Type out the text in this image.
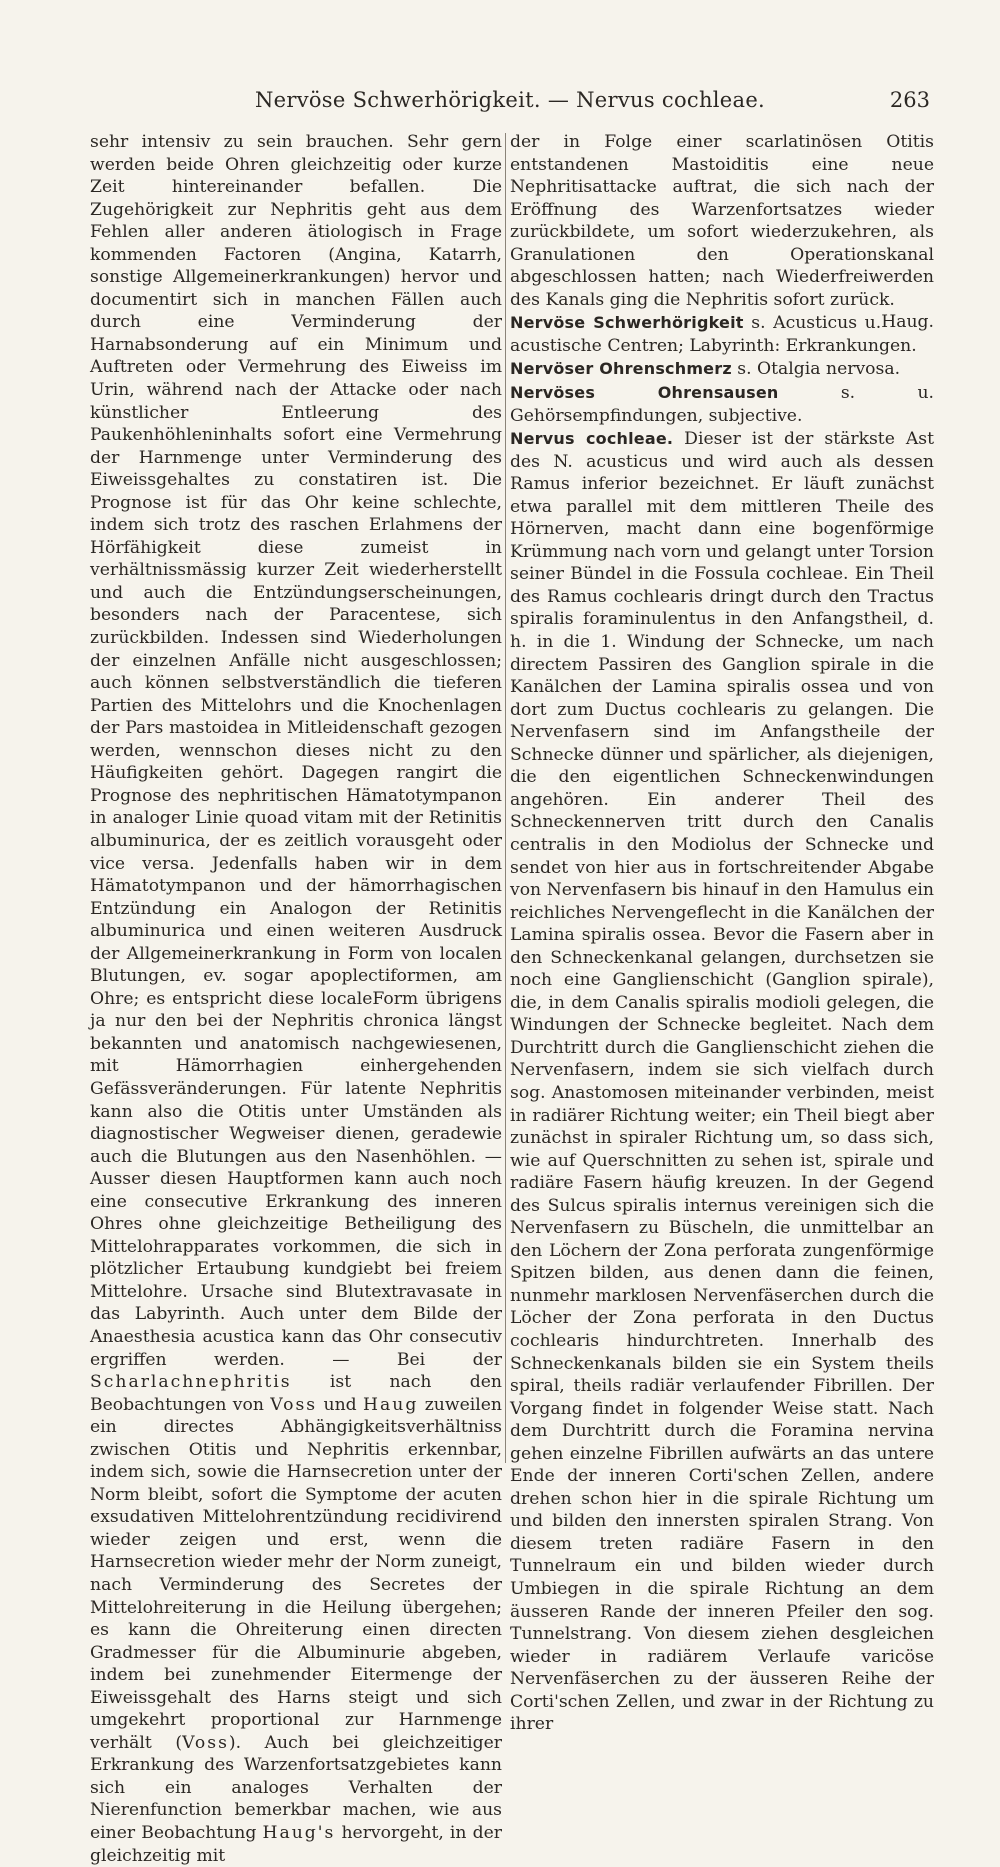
Nervöse Schwerhörigkeit. — Nervus cochleae.	263

sehr intensiv zu sein brauchen. Sehr gern werden beide Ohren gleichzeitig oder kurze Zeit hintereinander befallen. Die Zugehörigkeit zur Nephritis geht aus dem Fehlen aller anderen ätiologisch in Frage kommenden Factoren (Angina, Katarrh, sonstige Allgemeinerkrankungen) hervor und documentirt sich in manchen Fällen auch durch eine Verminderung der Harnabsonderung auf ein Minimum und Auftreten oder Vermehrung des Eiweiss im Urin, während nach der Attacke oder nach künstlicher Entleerung des Paukenhöhleninhalts sofort eine Vermehrung der Harnmenge unter Verminderung des Eiweissgehaltes zu constatiren ist. Die Prognose ist für das Ohr keine schlechte, indem sich trotz des raschen Erlahmens der Hörfähigkeit diese zumeist in verhältnissmässig kurzer Zeit wiederherstellt und auch die Entzündungserscheinungen, besonders nach der Paracentese, sich zurückbilden. Indessen sind Wiederholungen der einzelnen Anfälle nicht ausgeschlossen; auch können selbstverständlich die tieferen Partien des Mittelohrs und die Knochenlagen der Pars mastoidea in Mitleidenschaft gezogen werden, wennschon dieses nicht zu den Häufigkeiten gehört. Dagegen rangirt die Prognose des nephritischen Hämatotympanon in analoger Linie quoad vitam mit der Retinitis albuminurica, der es zeitlich vorausgeht oder vice versa. Jedenfalls haben wir in dem Hämatotympanon und der hämorrhagischen Entzündung ein Analogon der Retinitis albuminurica und einen weiteren Ausdruck der Allgemeinerkrankung in Form von localen Blutungen, ev. sogar apoplectiformen, am Ohre; es entspricht diese localeForm übrigens ja nur den bei der Nephritis chronica längst bekannten und anatomisch nachgewiesenen, mit Hämorrhagien einhergehenden Gefässveränderungen. Für latente Nephritis kann also die Otitis unter Umständen als diagnostischer Wegweiser dienen, geradewie auch die Blutungen aus den Nasenhöhlen. — Ausser diesen Hauptformen kann auch noch eine consecutive Erkrankung des inneren Ohres ohne gleichzeitige Betheiligung des Mittelohrapparates vorkommen, die sich in plötzlicher Ertaubung kundgiebt bei freiem Mittelohre. Ursache sind Blutextravasate in das Labyrinth. Auch unter dem Bilde der Anaesthesia acustica kann das Ohr consecutiv ergriffen werden. — Bei der Scharlachnephritis ist nach den Beobachtungen von Voss und Haug zuweilen ein directes Abhängigkeitsverhältniss zwischen Otitis und Nephritis erkennbar, indem sich, sowie die Harnsecretion unter der Norm bleibt, sofort die Symptome der acuten exsudativen Mittelohrentzündung recidivirend wieder zeigen und erst, wenn die Harnsecretion wieder mehr der Norm zuneigt, nach Verminderung des Secretes der Mittelohreiterung in die Heilung übergehen; es kann die Ohreiterung einen directen Gradmesser für die Albuminurie abgeben, indem bei zunehmender Eitermenge der Eiweissgehalt des Harns steigt und sich umgekehrt proportional zur Harnmenge verhält (Voss). Auch bei gleichzeitiger Erkrankung des Warzenfortsatzgebietes kann sich ein analoges Verhalten der Nierenfunction bemerkbar machen, wie aus einer Beobachtung Haug's hervorgeht, in der gleichzeitig mit

der in Folge einer scarlatinösen Otitis entstandenen Mastoiditis eine neue Nephritisattacke auftrat, die sich nach der Eröffnung des Warzenfortsatzes wieder zurückbildete, um sofort wiederzukehren, als Granulationen den Operationskanal abgeschlossen hatten; nach Wiederfreiwerden des Kanals ging die Nephritis sofort zurück.
Haug.

Nervöse Schwerhörigkeit s. Acusticus u. acustische Centren; Labyrinth: Erkrankungen.

Nervöser Ohrenschmerz s. Otalgia nervosa.

Nervöses Ohrensausen s. u. Gehörsempfindungen, subjective.

Nervus cochleae. Dieser ist der stärkste Ast des N. acusticus und wird auch als dessen Ramus inferior bezeichnet. Er läuft zunächst etwa parallel mit dem mittleren Theile des Hörnerven, macht dann eine bogenförmige Krümmung nach vorn und gelangt unter Torsion seiner Bündel in die Fossula cochleae. Ein Theil des Ramus cochlearis dringt durch den Tractus spiralis foraminulentus in den Anfangstheil, d. h. in die 1. Windung der Schnecke, um nach directem Passiren des Ganglion spirale in die Kanälchen der Lamina spiralis ossea und von dort zum Ductus cochlearis zu gelangen. Die Nervenfasern sind im Anfangstheile der Schnecke dünner und spärlicher, als diejenigen, die den eigentlichen Schneckenwindungen angehören. Ein anderer Theil des Schneckennerven tritt durch den Canalis centralis in den Modiolus der Schnecke und sendet von hier aus in fortschreitender Abgabe von Nervenfasern bis hinauf in den Hamulus ein reichliches Nervengeflecht in die Kanälchen der Lamina spiralis ossea. Bevor die Fasern aber in den Schneckenkanal gelangen, durchsetzen sie noch eine Ganglienschicht (Ganglion spirale), die, in dem Canalis spiralis modioli gelegen, die Windungen der Schnecke begleitet. Nach dem Durchtritt durch die Ganglienschicht ziehen die Nervenfasern, indem sie sich vielfach durch sog. Anastomosen miteinander verbinden, meist in radiärer Richtung weiter; ein Theil biegt aber zunächst in spiraler Richtung um, so dass sich, wie auf Querschnitten zu sehen ist, spirale und radiäre Fasern häufig kreuzen. In der Gegend des Sulcus spiralis internus vereinigen sich die Nervenfasern zu Büscheln, die unmittelbar an den Löchern der Zona perforata zungenförmige Spitzen bilden, aus denen dann die feinen, nunmehr marklosen Nervenfäserchen durch die Löcher der Zona perforata in den Ductus cochlearis hindurchtreten. Innerhalb des Schneckenkanals bilden sie ein System theils spiral, theils radiär verlaufender Fibrillen. Der Vorgang findet in folgender Weise statt. Nach dem Durchtritt durch die Foramina nervina gehen einzelne Fibrillen aufwärts an das untere Ende der inneren Corti'schen Zellen, andere drehen schon hier in die spirale Richtung um und bilden den innersten spiralen Strang. Von diesem treten radiäre Fasern in den Tunnelraum ein und bilden wieder durch Umbiegen in die spirale Richtung an dem äusseren Rande der inneren Pfeiler den sog. Tunnelstrang. Von diesem ziehen desgleichen wieder in radiärem Verlaufe varicöse Nervenfäserchen zu der äusseren Reihe der Corti'schen Zellen, und zwar in der Richtung zu ihrer
